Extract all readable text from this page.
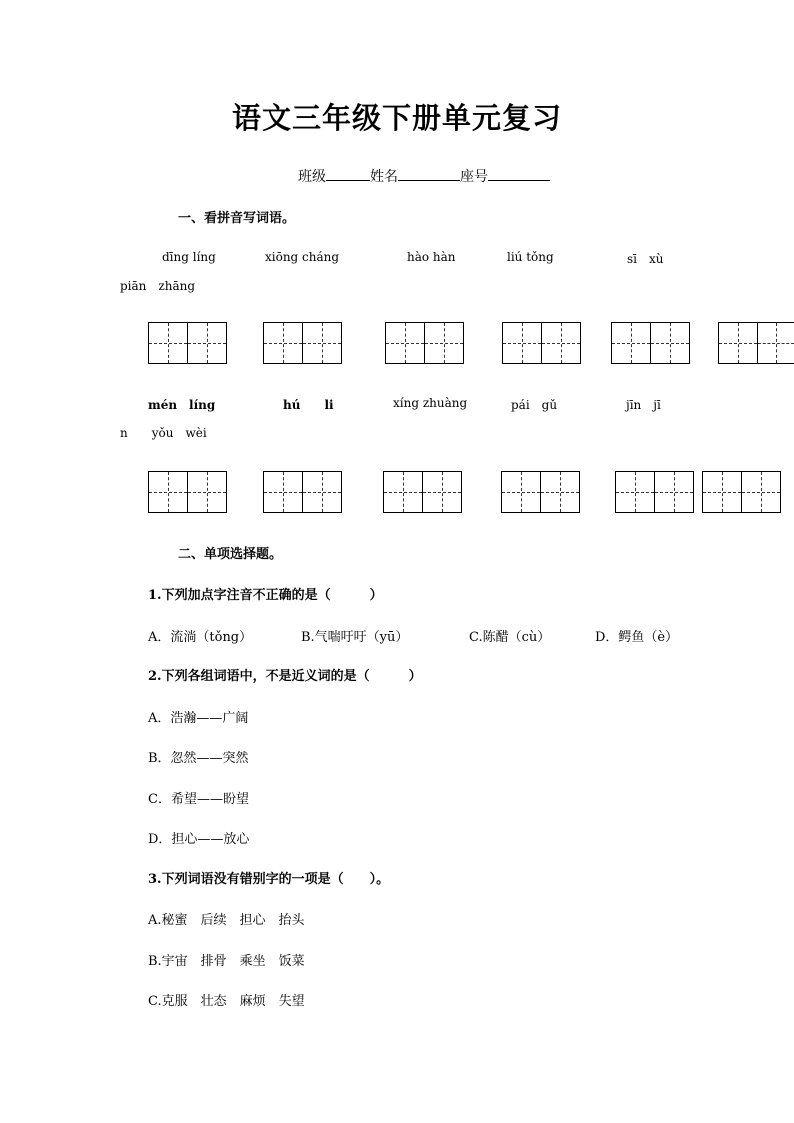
语文三年级下册单元复习
班级	姓名	座号
一、看拼音写词语。
dīng líng	xiōng cháng	hào hàn	liú tǒng	sī　xù
piān　zhāng
mén　líng	hú　　li	xíng zhuàng	pái　gǔ	jīn　jī
n　　yǒu　wèi
二、单项选择题。
1.下列加点字注音不正确的是（　　　）
A．流淌（tǒng）	B.气喘吁吁（yū）	C.陈醋（cù）	D．鳄鱼（è）
2.下列各组词语中，不是近义词的是（　　　）
A．浩瀚——广阔
B．忽然——突然
C．希望——盼望
D．担心——放心
3.下列词语没有错别字的一项是（　　）。
A.秘蜜　后续　担心　抬头
B.宇宙　排骨　乘坐　饭菜
C.克服　壮态　麻烦　失望
